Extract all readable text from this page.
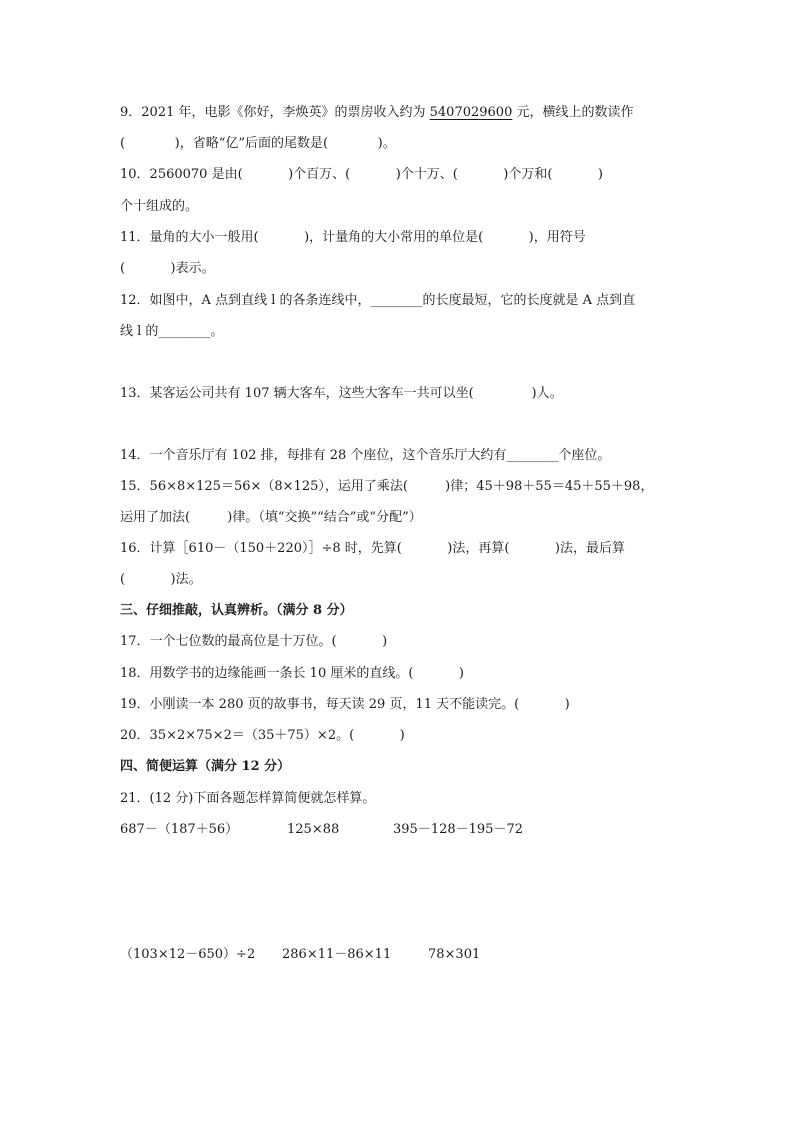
9．2021 年，电影《你好，李焕英》的票房收入约为 5407029600 元，横线上的数读作
(            )，省略“亿”后面的尾数是(            )。
10．2560070 是由(           )个百万、(           )个十万、(           )个万和(           )
个十组成的。
11．量角的大小一般用(           )，计量角的大小常用的单位是(           )，用符号
(           )表示。
12．如图中，A 点到直线 l 的各条连线中，________的长度最短，它的长度就是 A 点到直
线 l 的________。
13．某客运公司共有 107 辆大客车，这些大客车一共可以坐(              )人。
14．一个音乐厅有 102 排，每排有 28 个座位，这个音乐厅大约有________个座位。
15．56×8×125＝56×（8×125），运用了乘法(         )律；45＋98＋55＝45＋55＋98，
运用了加法(         )律。（填“交换”“结合”或“分配”）
16．计算［610－（150＋220）］÷8 时，先算(           )法，再算(           )法，最后算
(           )法。
三、仔细推敲，认真辨析。（满分 8 分）
17．一个七位数的最高位是十万位。(           )
18．用数学书的边缘能画一条长 10 厘米的直线。(           )
19．小刚读一本 280 页的故事书，每天读 29 页，11 天不能读完。(           )
20．35×2×75×2＝（35＋75）×2。(           )
四、简便运算（满分 12 分）
21．(12 分)下面各题怎样算简便就怎样算。
687－（187＋56）	125×88	395－128－195－72
（103×12－650）÷2 286×11－86×11	78×301
